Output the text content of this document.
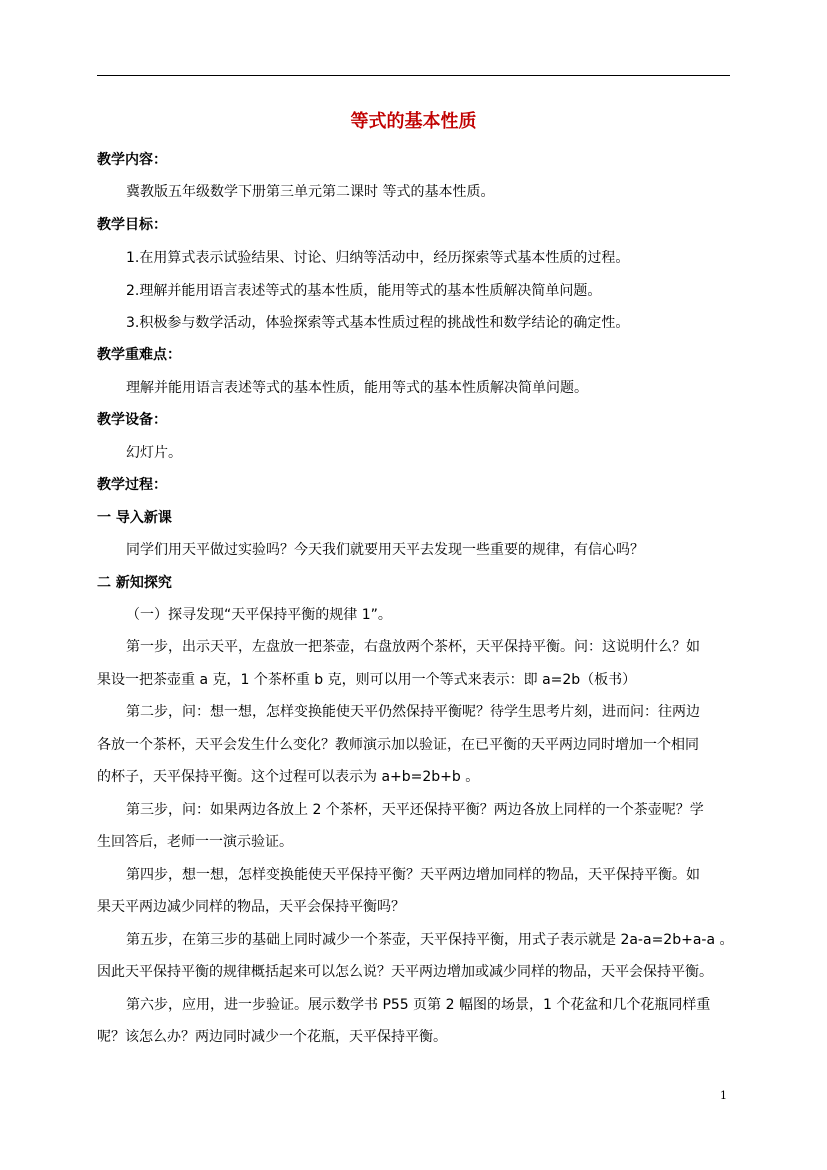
等式的基本性质
教学内容：
冀教版五年级数学下册第三单元第二课时 等式的基本性质。
教学目标：
1.在用算式表示试验结果、讨论、归纳等活动中，经历探索等式基本性质的过程。
2.理解并能用语言表述等式的基本性质，能用等式的基本性质解决简单问题。
3.积极参与数学活动，体验探索等式基本性质过程的挑战性和数学结论的确定性。
教学重难点：
理解并能用语言表述等式的基本性质，能用等式的基本性质解决简单问题。
教学设备：
幻灯片。
教学过程：
一 导入新课
同学们用天平做过实验吗？今天我们就要用天平去发现一些重要的规律，有信心吗？
二 新知探究
（一）探寻发现“天平保持平衡的规律 1”。
第一步，出示天平，左盘放一把茶壶，右盘放两个茶杯，天平保持平衡。问：这说明什么？如
果设一把茶壶重 a 克，1 个茶杯重 b 克，则可以用一个等式来表示：即 a=2b（板书）
第二步，问：想一想，怎样变换能使天平仍然保持平衡呢？待学生思考片刻，进而问：往两边
各放一个茶杯，天平会发生什么变化？教师演示加以验证，在已平衡的天平两边同时增加一个相同
的杯子，天平保持平衡。这个过程可以表示为 a+b=2b+b 。
第三步，问：如果两边各放上 2 个茶杯，天平还保持平衡？两边各放上同样的一个茶壶呢？学
生回答后，老师一一演示验证。
第四步，想一想，怎样变换能使天平保持平衡？天平两边增加同样的物品，天平保持平衡。如
果天平两边减少同样的物品，天平会保持平衡吗？
第五步，在第三步的基础上同时减少一个茶壶，天平保持平衡，用式子表示就是 2a-a=2b+a-a 。
因此天平保持平衡的规律概括起来可以怎么说？天平两边增加或减少同样的物品，天平会保持平衡。
第六步，应用，进一步验证。展示数学书 P55 页第 2 幅图的场景，1 个花盆和几个花瓶同样重
呢？该怎么办？两边同时减少一个花瓶，天平保持平衡。
1
